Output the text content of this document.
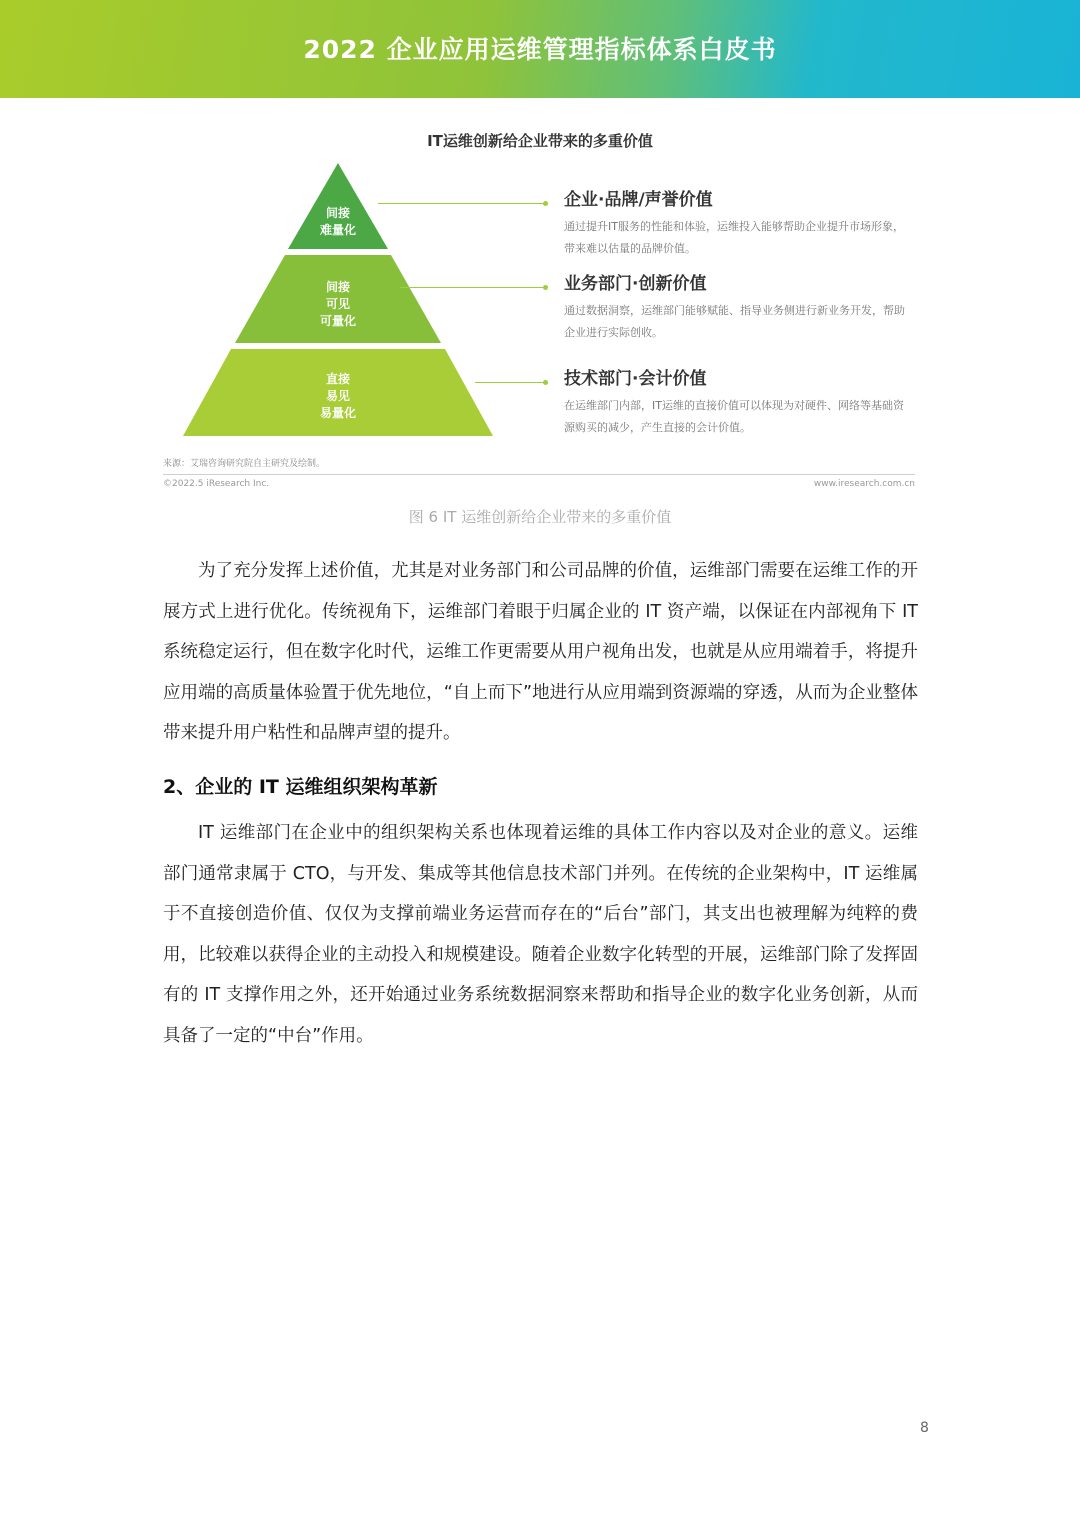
2022 企业应用运维管理指标体系白皮书
IT运维创新给企业带来的多重价值
间接
难量化
间接
可见
可量化
直接
易见
易量化

企业·品牌/声誉价值

通过提升IT服务的性能和体验，运维投入能够帮助企业提升市场形象，带来难以估量的品牌价值。

业务部门·创新价值

通过数据洞察，运维部门能够赋能、指导业务侧进行新业务开发，帮助企业进行实际创收。

技术部门·会计价值

在运维部门内部，IT运维的直接价值可以体现为对硬件、网络等基础资源购买的减少，产生直接的会计价值。

来源：艾瑞咨询研究院自主研究及绘制。
©2022.5 iResearch Inc.	www.iresearch.com.cn
图 6 IT 运维创新给企业带来的多重价值

为了充分发挥上述价值，尤其是对业务部门和公司品牌的价值，运维部门需要在运维工作的开展方式上进行优化。传统视角下，运维部门着眼于归属企业的 IT 资产端，以保证在内部视角下 IT 系统稳定运行，但在数字化时代，运维工作更需要从用户视角出发，也就是从应用端着手，将提升应用端的高质量体验置于优先地位，“自上而下”地进行从应用端到资源端的穿透，从而为企业整体带来提升用户粘性和品牌声望的提升。

2、企业的 IT 运维组织架构革新

IT 运维部门在企业中的组织架构关系也体现着运维的具体工作内容以及对企业的意义。运维部门通常隶属于 CTO，与开发、集成等其他信息技术部门并列。在传统的企业架构中，IT 运维属于不直接创造价值、仅仅为支撑前端业务运营而存在的“后台”部门，其支出也被理解为纯粹的费用，比较难以获得企业的主动投入和规模建设。随着企业数字化转型的开展，运维部门除了发挥固有的 IT 支撑作用之外，还开始通过业务系统数据洞察来帮助和指导企业的数字化业务创新，从而具备了一定的“中台”作用。

8
